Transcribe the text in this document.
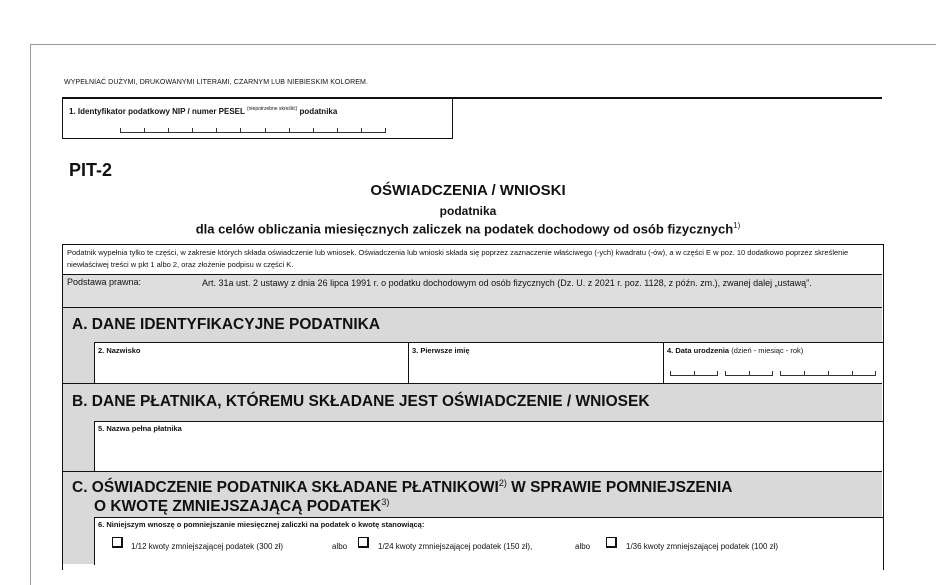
WYPEŁNIAĆ DUŻYMI, DRUKOWANYMI LITERAMI, CZARNYM LUB NIEBIESKIM KOLOREM.
1. Identyfikator podatkowy NIP / numer PESEL $^{(niepotrzebne skreślić)}$ podatnika
PIT-2
OŚWIADCZENIA / WNIOSKI
podatnika
dla celów obliczania miesięcznych zaliczek na podatek dochodowy od osób fizycznych$^{1)}$
Podatnik wypełnia tylko te części, w zakresie których składa oświadczenie lub wniosek. Oświadczenia lub wnioski składa się poprzez zaznaczenie właściwego (-ych) kwadratu (-ów), a w części E w poz. 10 dodatkowo poprzez skreślenie niewłaściwej treści w pkt 1 albo 2, oraz złożenie podpisu w części K.
Podstawa prawna:	Art. 31a ust. 2 ustawy z dnia 26 lipca 1991 r. o podatku dochodowym od osób fizycznych (Dz. U. z 2021 r. poz. 1128, z późn. zm.), zwanej dalej „ustawą”.
A. DANE IDENTYFIKACYJNE PODATNIKA
2. Nazwisko	3. Pierwsze imię	4. Data urodzenia (dzień - miesiąc - rok)
B. DANE PŁATNIKA, KTÓREMU SKŁADANE JEST OŚWIADCZENIE / WNIOSEK
5. Nazwa pełna płatnika
C. OŚWIADCZENIE PODATNIKA SKŁADANE PŁATNIKOWI$^{2)}$ W SPRAWIE POMNIEJSZENIA
O KWOTĘ ZMNIEJSZAJĄCĄ PODATEK$^{3)}$
6. Niniejszym wnoszę o pomniejszanie miesięcznej zaliczki na podatek o kwotę stanowiącą:
1/12 kwoty zmniejszającej podatek (300 zł)	albo	1/24 kwoty zmniejszającej podatek (150 zł),	albo	1/36 kwoty zmniejszającej podatek (100 zł)
